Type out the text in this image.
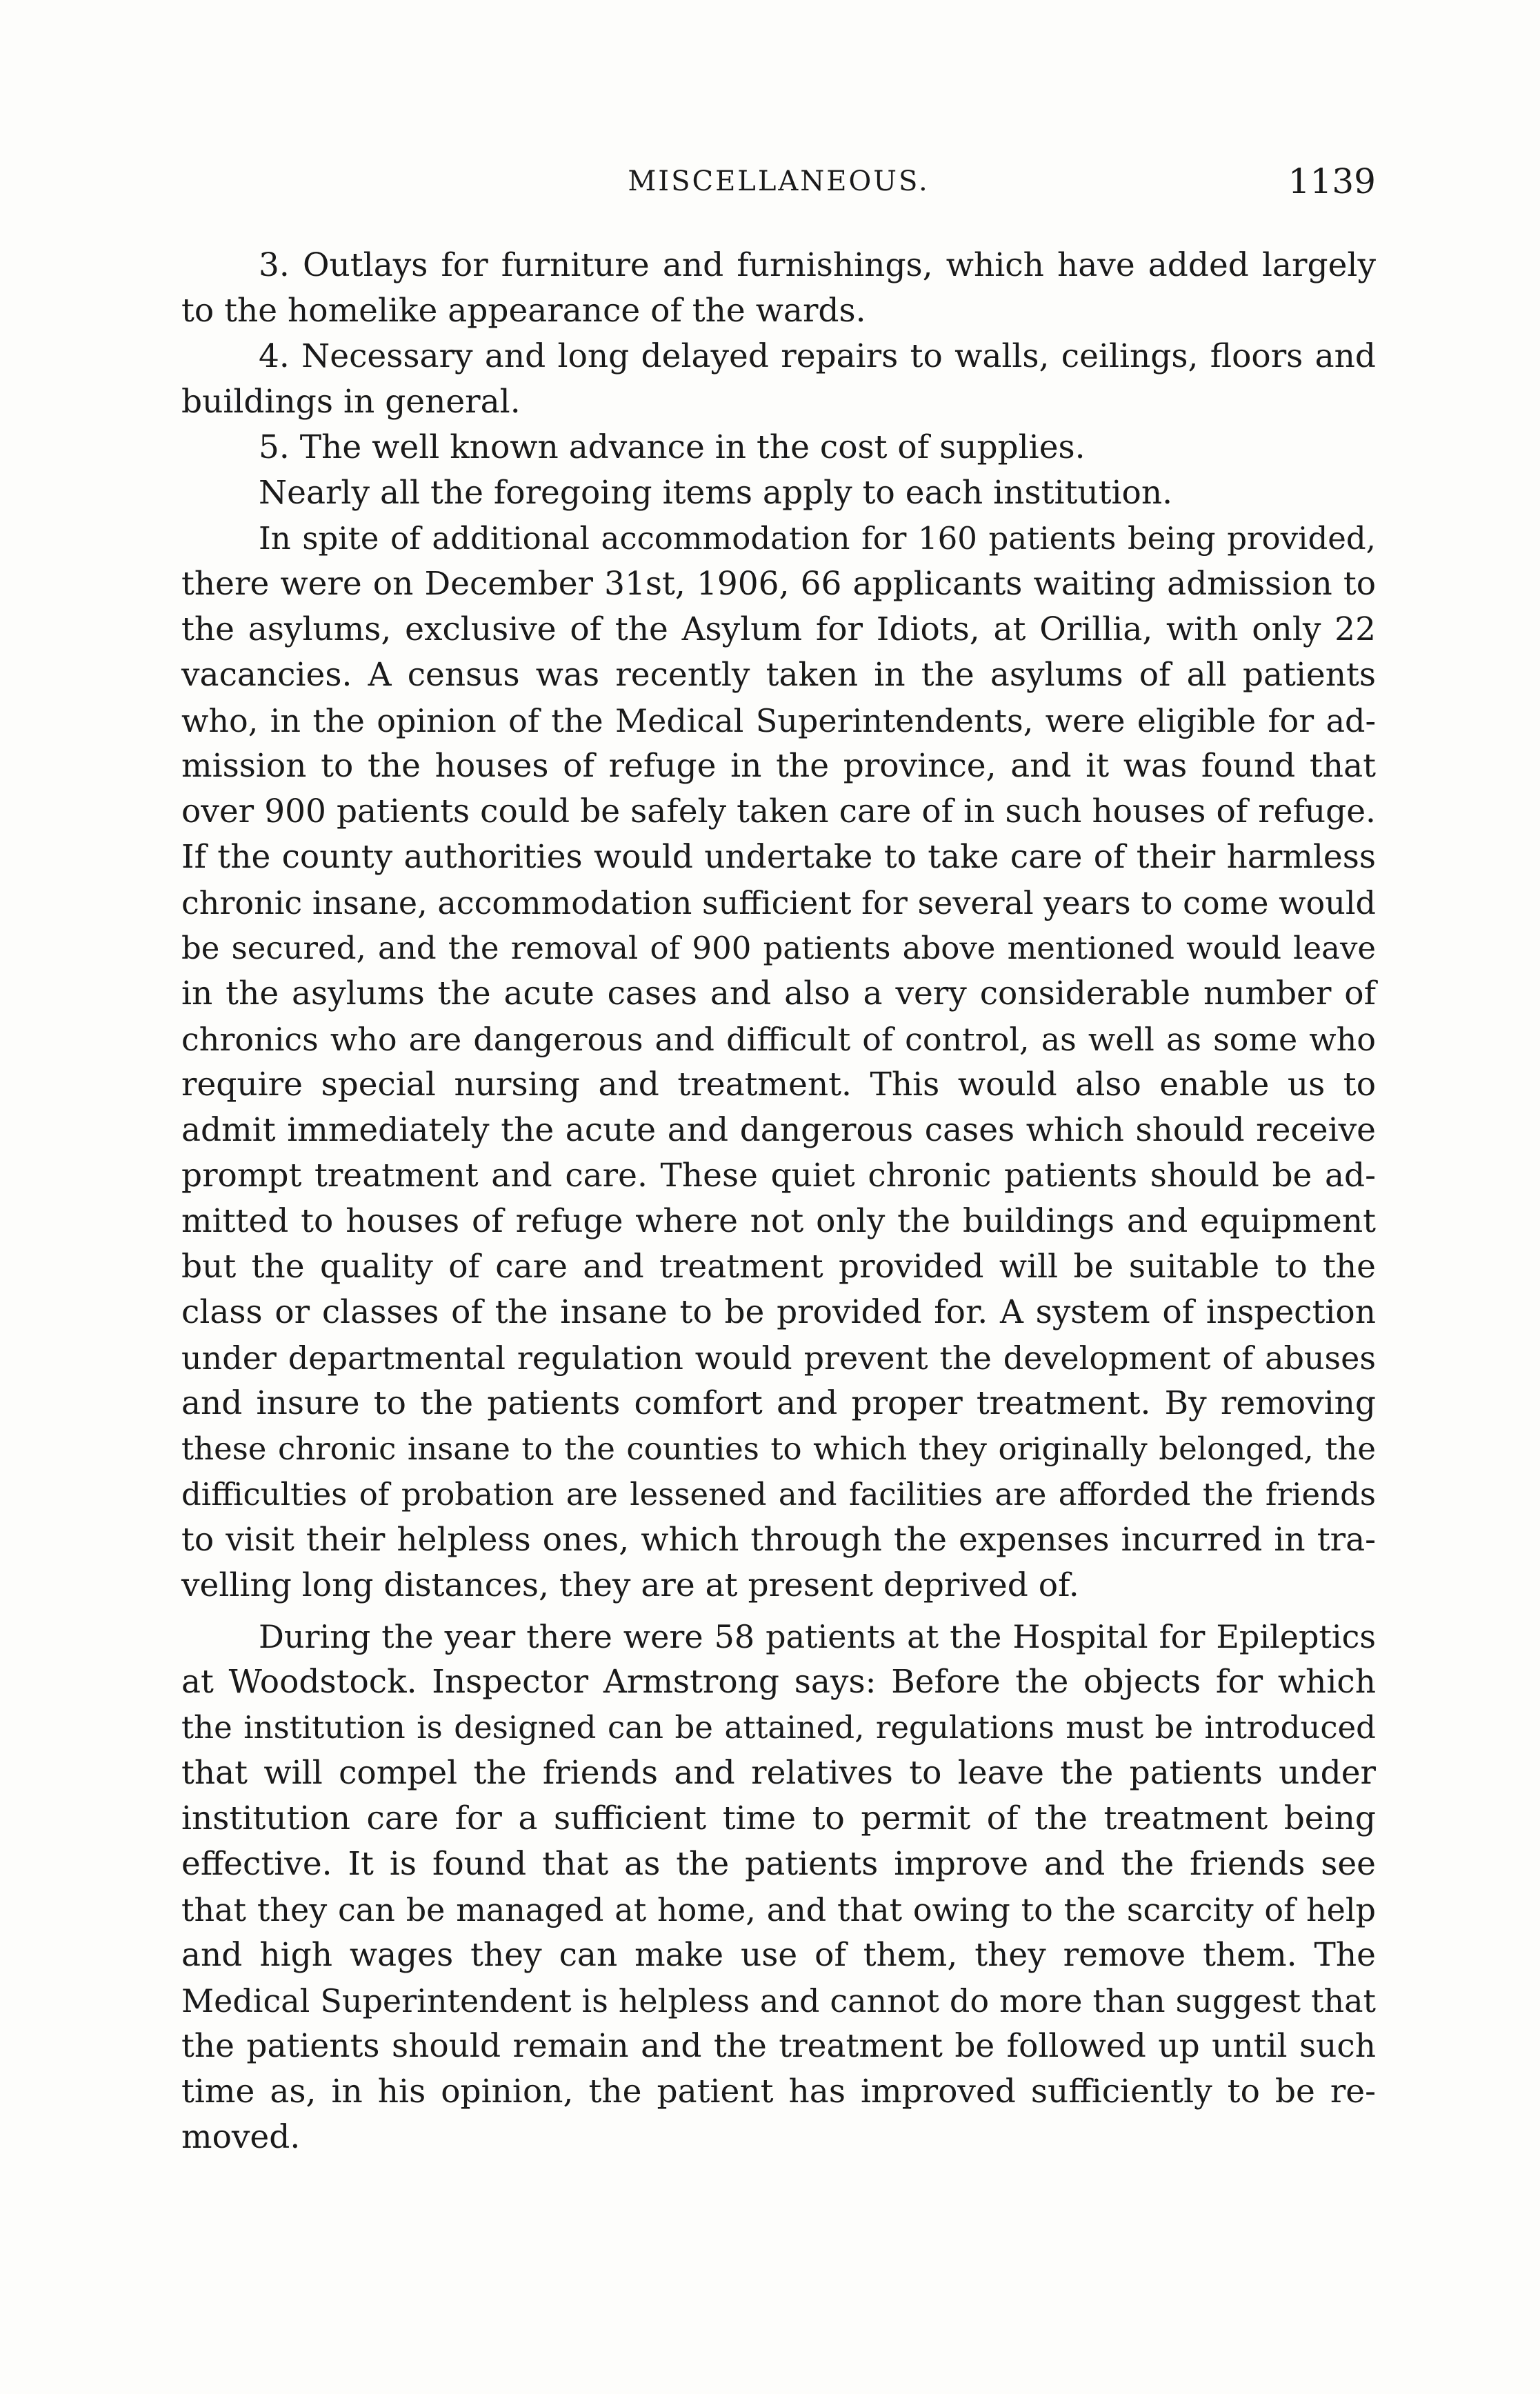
MISCELLANEOUS.	1139
3. Outlays for furniture and furnishings, which have added largely
to the homelike appearance of the wards.
4. Necessary and long delayed repairs to walls, ceilings, floors and
buildings in general.
5. The well known advance in the cost of supplies.
Nearly all the foregoing items apply to each institution.
In spite of additional accommodation for 160 patients being provided,
there were on December 31st, 1906, 66 applicants waiting admission to
the asylums, exclusive of the Asylum for Idiots, at Orillia, with only 22
vacancies. A census was recently taken in the asylums of all patients
who, in the opinion of the Medical Superintendents, were eligible for ad-
mission to the houses of refuge in the province, and it was found that
over 900 patients could be safely taken care of in such houses of refuge.
If the county authorities would undertake to take care of their harmless
chronic insane, accommodation sufficient for several years to come would
be secured, and the removal of 900 patients above mentioned would leave
in the asylums the acute cases and also a very considerable number of
chronics who are dangerous and difficult of control, as well as some who
require special nursing and treatment. This would also enable us to
admit immediately the acute and dangerous cases which should receive
prompt treatment and care. These quiet chronic patients should be ad-
mitted to houses of refuge where not only the buildings and equipment
but the quality of care and treatment provided will be suitable to the
class or classes of the insane to be provided for. A system of inspection
under departmental regulation would prevent the development of abuses
and insure to the patients comfort and proper treatment. By removing
these chronic insane to the counties to which they originally belonged, the
difficulties of probation are lessened and facilities are afforded the friends
to visit their helpless ones, which through the expenses incurred in tra-
velling long distances, they are at present deprived of.
During the year there were 58 patients at the Hospital for Epileptics
at Woodstock. Inspector Armstrong says: Before the objects for which
the institution is designed can be attained, regulations must be introduced
that will compel the friends and relatives to leave the patients under
institution care for a sufficient time to permit of the treatment being
effective. It is found that as the patients improve and the friends see
that they can be managed at home, and that owing to the scarcity of help
and high wages they can make use of them, they remove them. The
Medical Superintendent is helpless and cannot do more than suggest that
the patients should remain and the treatment be followed up until such
time as, in his opinion, the patient has improved sufficiently to be re-
moved.
